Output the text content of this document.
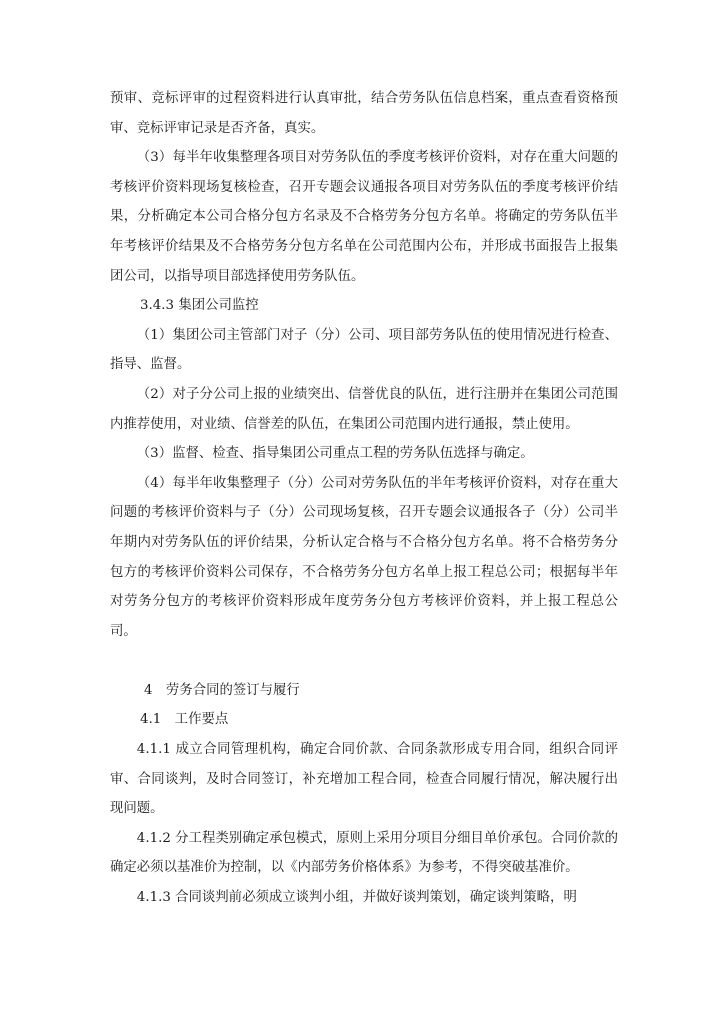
预审、竞标评审的过程资料进行认真审批，结合劳务队伍信息档案，重点查看资格预审、竞标评审记录是否齐备，真实。

（3）每半年收集整理各项目对劳务队伍的季度考核评价资料，对存在重大问题的考核评价资料现场复核检查，召开专题会议通报各项目对劳务队伍的季度考核评价结果，分析确定本公司合格分包方名录及不合格劳务分包方名单。将确定的劳务队伍半年考核评价结果及不合格劳务分包方名单在公司范围内公布，并形成书面报告上报集团公司，以指导项目部选择使用劳务队伍。

3.4.3 集团公司监控

（1）集团公司主管部门对子（分）公司、项目部劳务队伍的使用情况进行检查、指导、监督。

（2）对子分公司上报的业绩突出、信誉优良的队伍，进行注册并在集团公司范围内推荐使用，对业绩、信誉差的队伍，在集团公司范围内进行通报，禁止使用。

（3）监督、检查、指导集团公司重点工程的劳务队伍选择与确定。

（4）每半年收集整理子（分）公司对劳务队伍的半年考核评价资料，对存在重大问题的考核评价资料与子（分）公司现场复核，召开专题会议通报各子（分）公司半年期内对劳务队伍的评价结果，分析认定合格与不合格分包方名单。将不合格劳务分包方的考核评价资料公司保存，不合格劳务分包方名单上报工程总公司；根据每半年对劳务分包方的考核评价资料形成年度劳务分包方考核评价资料，并上报工程总公司。

4　劳务合同的签订与履行

4.1　工作要点

4.1.1 成立合同管理机构，确定合同价款、合同条款形成专用合同，组织合同评审、合同谈判，及时合同签订，补充增加工程合同，检查合同履行情况，解决履行出现问题。

4.1.2 分工程类别确定承包模式，原则上采用分项目分细目单价承包。合同价款的确定必须以基准价为控制，以《内部劳务价格体系》为参考，不得突破基准价。

4.1.3 合同谈判前必须成立谈判小组，并做好谈判策划，确定谈判策略，明
